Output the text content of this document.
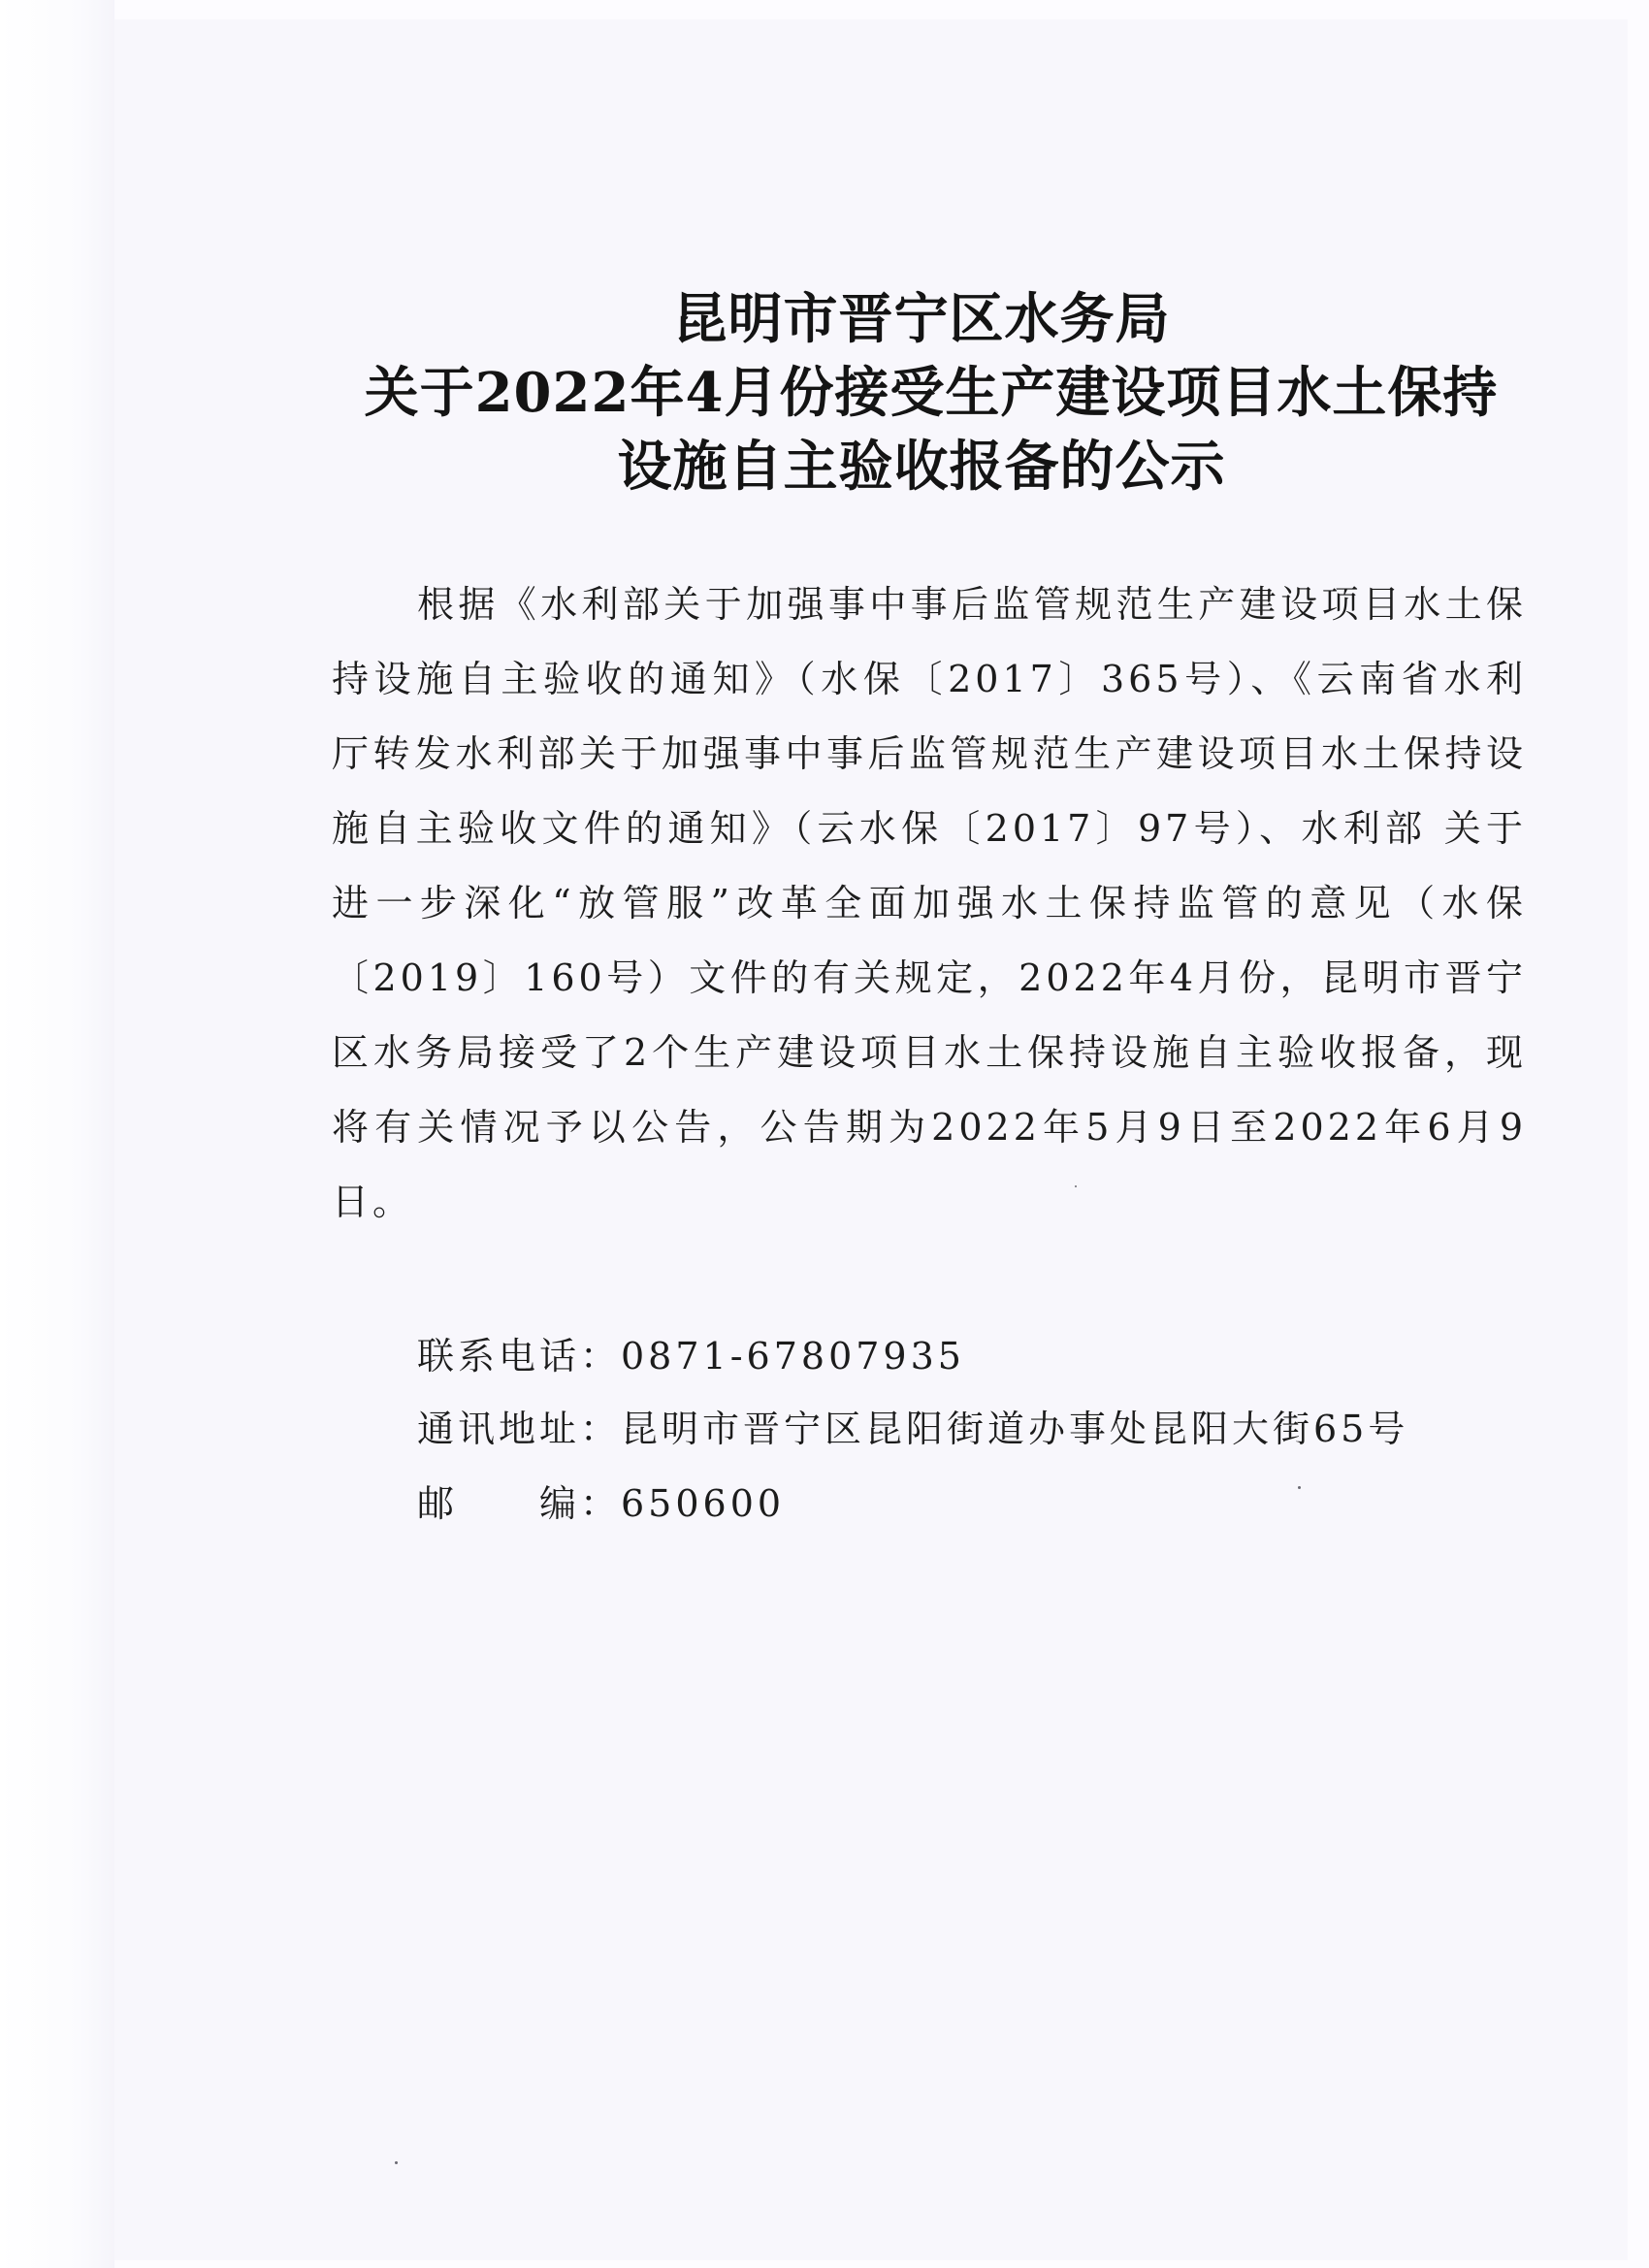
昆明市晋宁区水务局
关于2022年4月份接受生产建设项目水土保持
设施自主验收报备的公示

根据《水利部关于加强事中事后监管规范生产建设项目水土保持设施自主验收的通知》（水保〔2017〕365号）、《云南省水利厅转发水利部关于加强事中事后监管规范生产建设项目水土保持设施自主验收文件的通知》（云水保〔2017〕97号）、水利部 关于进一步深化“放管服”改革全面加强水土保持监管的意见（水保〔2019〕160号）文件的有关规定，2022年4月份，昆明市晋宁区水务局接受了2个生产建设项目水土保持设施自主验收报备，现将有关情况予以公告，公告期为2022年5月9日至2022年6月9日。

联系电话：0871-67807935
通讯地址：昆明市晋宁区昆阳街道办事处昆阳大街65号
邮　　编：650600
